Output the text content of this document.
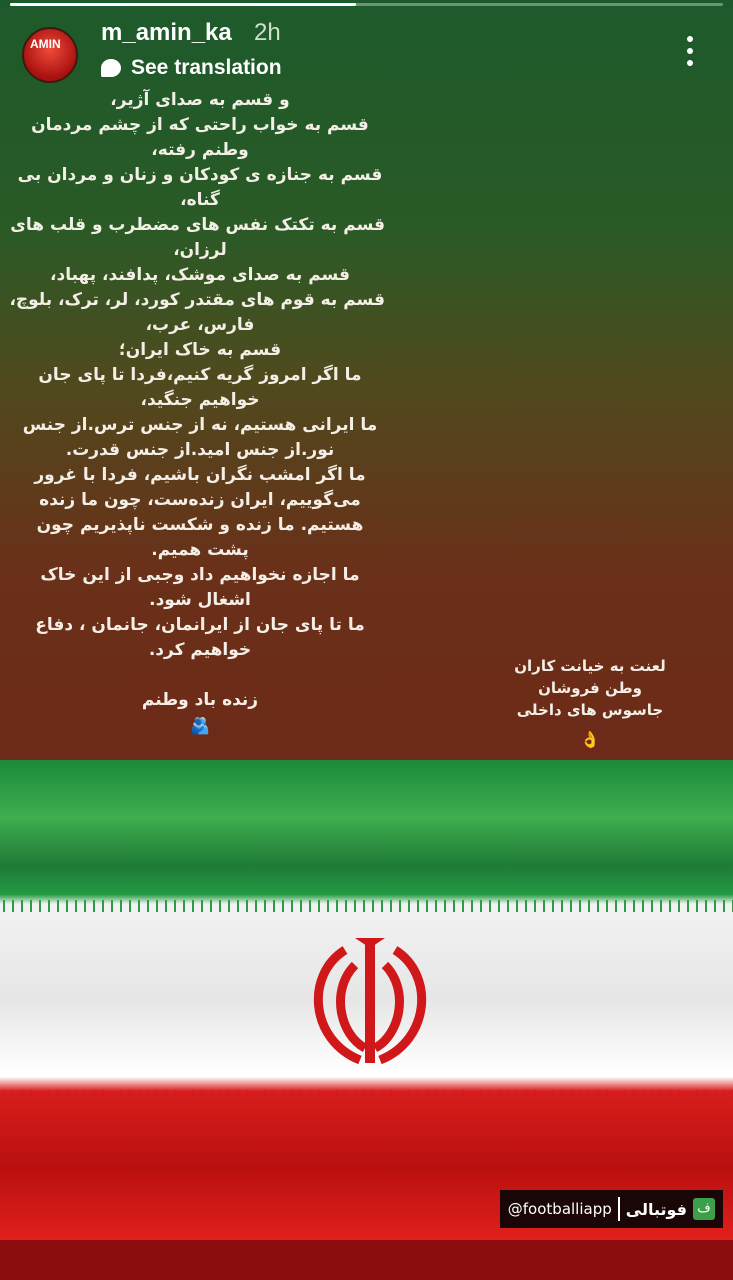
AMIN m_amin_ka 2h
See translation
و قسم به صدای آژیر،
قسم به خواب راحتی که از چشم مردمان
وطنم رفته،
قسم به جنازه ی کودکان و زنان و مردان بی
گناه،
قسم به تکتک نفس های مضطرب و قلب های
لرزان،
قسم به صدای موشک، پدافند، پهباد،
قسم به قوم های مقتدر کورد، لر، ترک، بلوچ،
فارس، عرب،
قسم به خاک ایران؛
ما اگر امروز گریه کنیم،فردا تا پای جان
خواهیم جنگید،
ما ایرانی هستیم، نه از جنس ترس.از جنس
نور.از جنس امید.از جنس قدرت.
ما اگر امشب نگران باشیم، فردا با غرور
می‌گوییم، ایران زنده‌ست، چون ما زنده
هستیم. ما زنده و شکست ناپذیریم چون
پشت همیم.
ما اجازه نخواهیم داد وجبی از این خاک
اشغال شود.
ما تا پای جان از ایرانمان، جانمان ، دفاع
خواهیم کرد.

زنده باد وطنم
🫂
لعنت به خیانت کاران
وطن فروشان
جاسوس های داخلی
👌
@footballiapp فوتبالی ف
